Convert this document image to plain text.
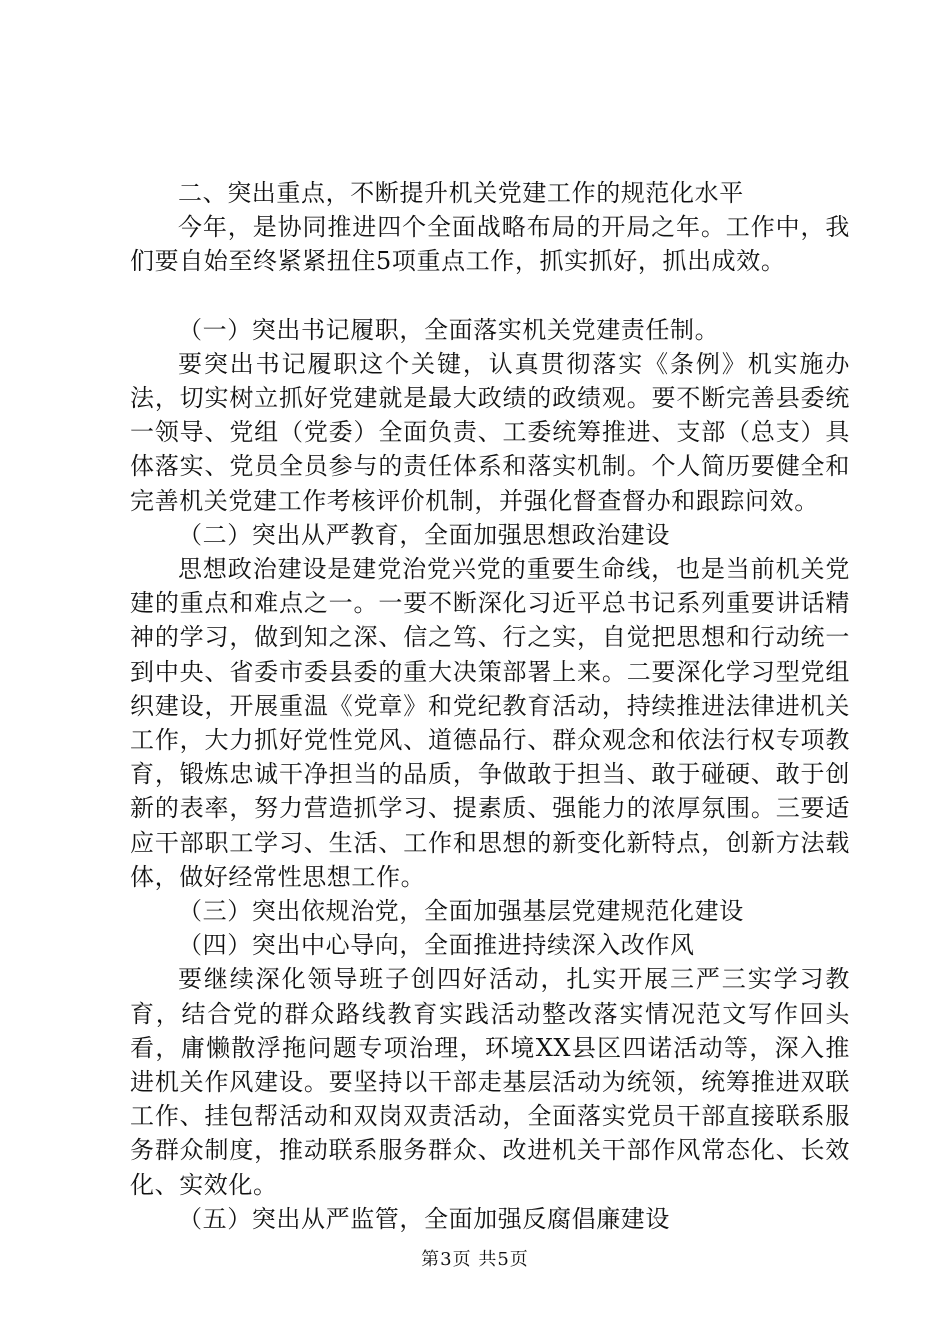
二、突出重点，不断提升机关党建工作的规范化水平

今年，是协同推进四个全面战略布局的开局之年。工作中，我们要自始至终紧紧扭住5项重点工作，抓实抓好，抓出成效。

（一）突出书记履职，全面落实机关党建责任制。

要突出书记履职这个关键，认真贯彻落实《条例》机实施办法，切实树立抓好党建就是最大政绩的政绩观。要不断完善县委统一领导、党组（党委）全面负责、工委统筹推进、支部（总支）具体落实、党员全员参与的责任体系和落实机制。个人简历要健全和完善机关党建工作考核评价机制，并强化督查督办和跟踪问效。

（二）突出从严教育，全面加强思想政治建设

思想政治建设是建党治党兴党的重要生命线，也是当前机关党建的重点和难点之一。一要不断深化习近平总书记系列重要讲话精神的学习，做到知之深、信之笃、行之实，自觉把思想和行动统一到中央、省委市委县委的重大决策部署上来。二要深化学习型党组织建设，开展重温《党章》和党纪教育活动，持续推进法律进机关工作，大力抓好党性党风、道德品行、群众观念和依法行权专项教育，锻炼忠诚干净担当的品质，争做敢于担当、敢于碰硬、敢于创新的表率，努力营造抓学习、提素质、强能力的浓厚氛围。三要适应干部职工学习、生活、工作和思想的新变化新特点，创新方法载体，做好经常性思想工作。

（三）突出依规治党，全面加强基层党建规范化建设

（四）突出中心导向，全面推进持续深入改作风

要继续深化领导班子创四好活动，扎实开展三严三实学习教育，结合党的群众路线教育实践活动整改落实情况范文写作回头看，庸懒散浮拖问题专项治理，环境XX县区四诺活动等，深入推进机关作风建设。要坚持以干部走基层活动为统领，统筹推进双联工作、挂包帮活动和双岗双责活动，全面落实党员干部直接联系服务群众制度，推动联系服务群众、改进机关干部作风常态化、长效化、实效化。

（五）突出从严监管，全面加强反腐倡廉建设

第3页 共5页
